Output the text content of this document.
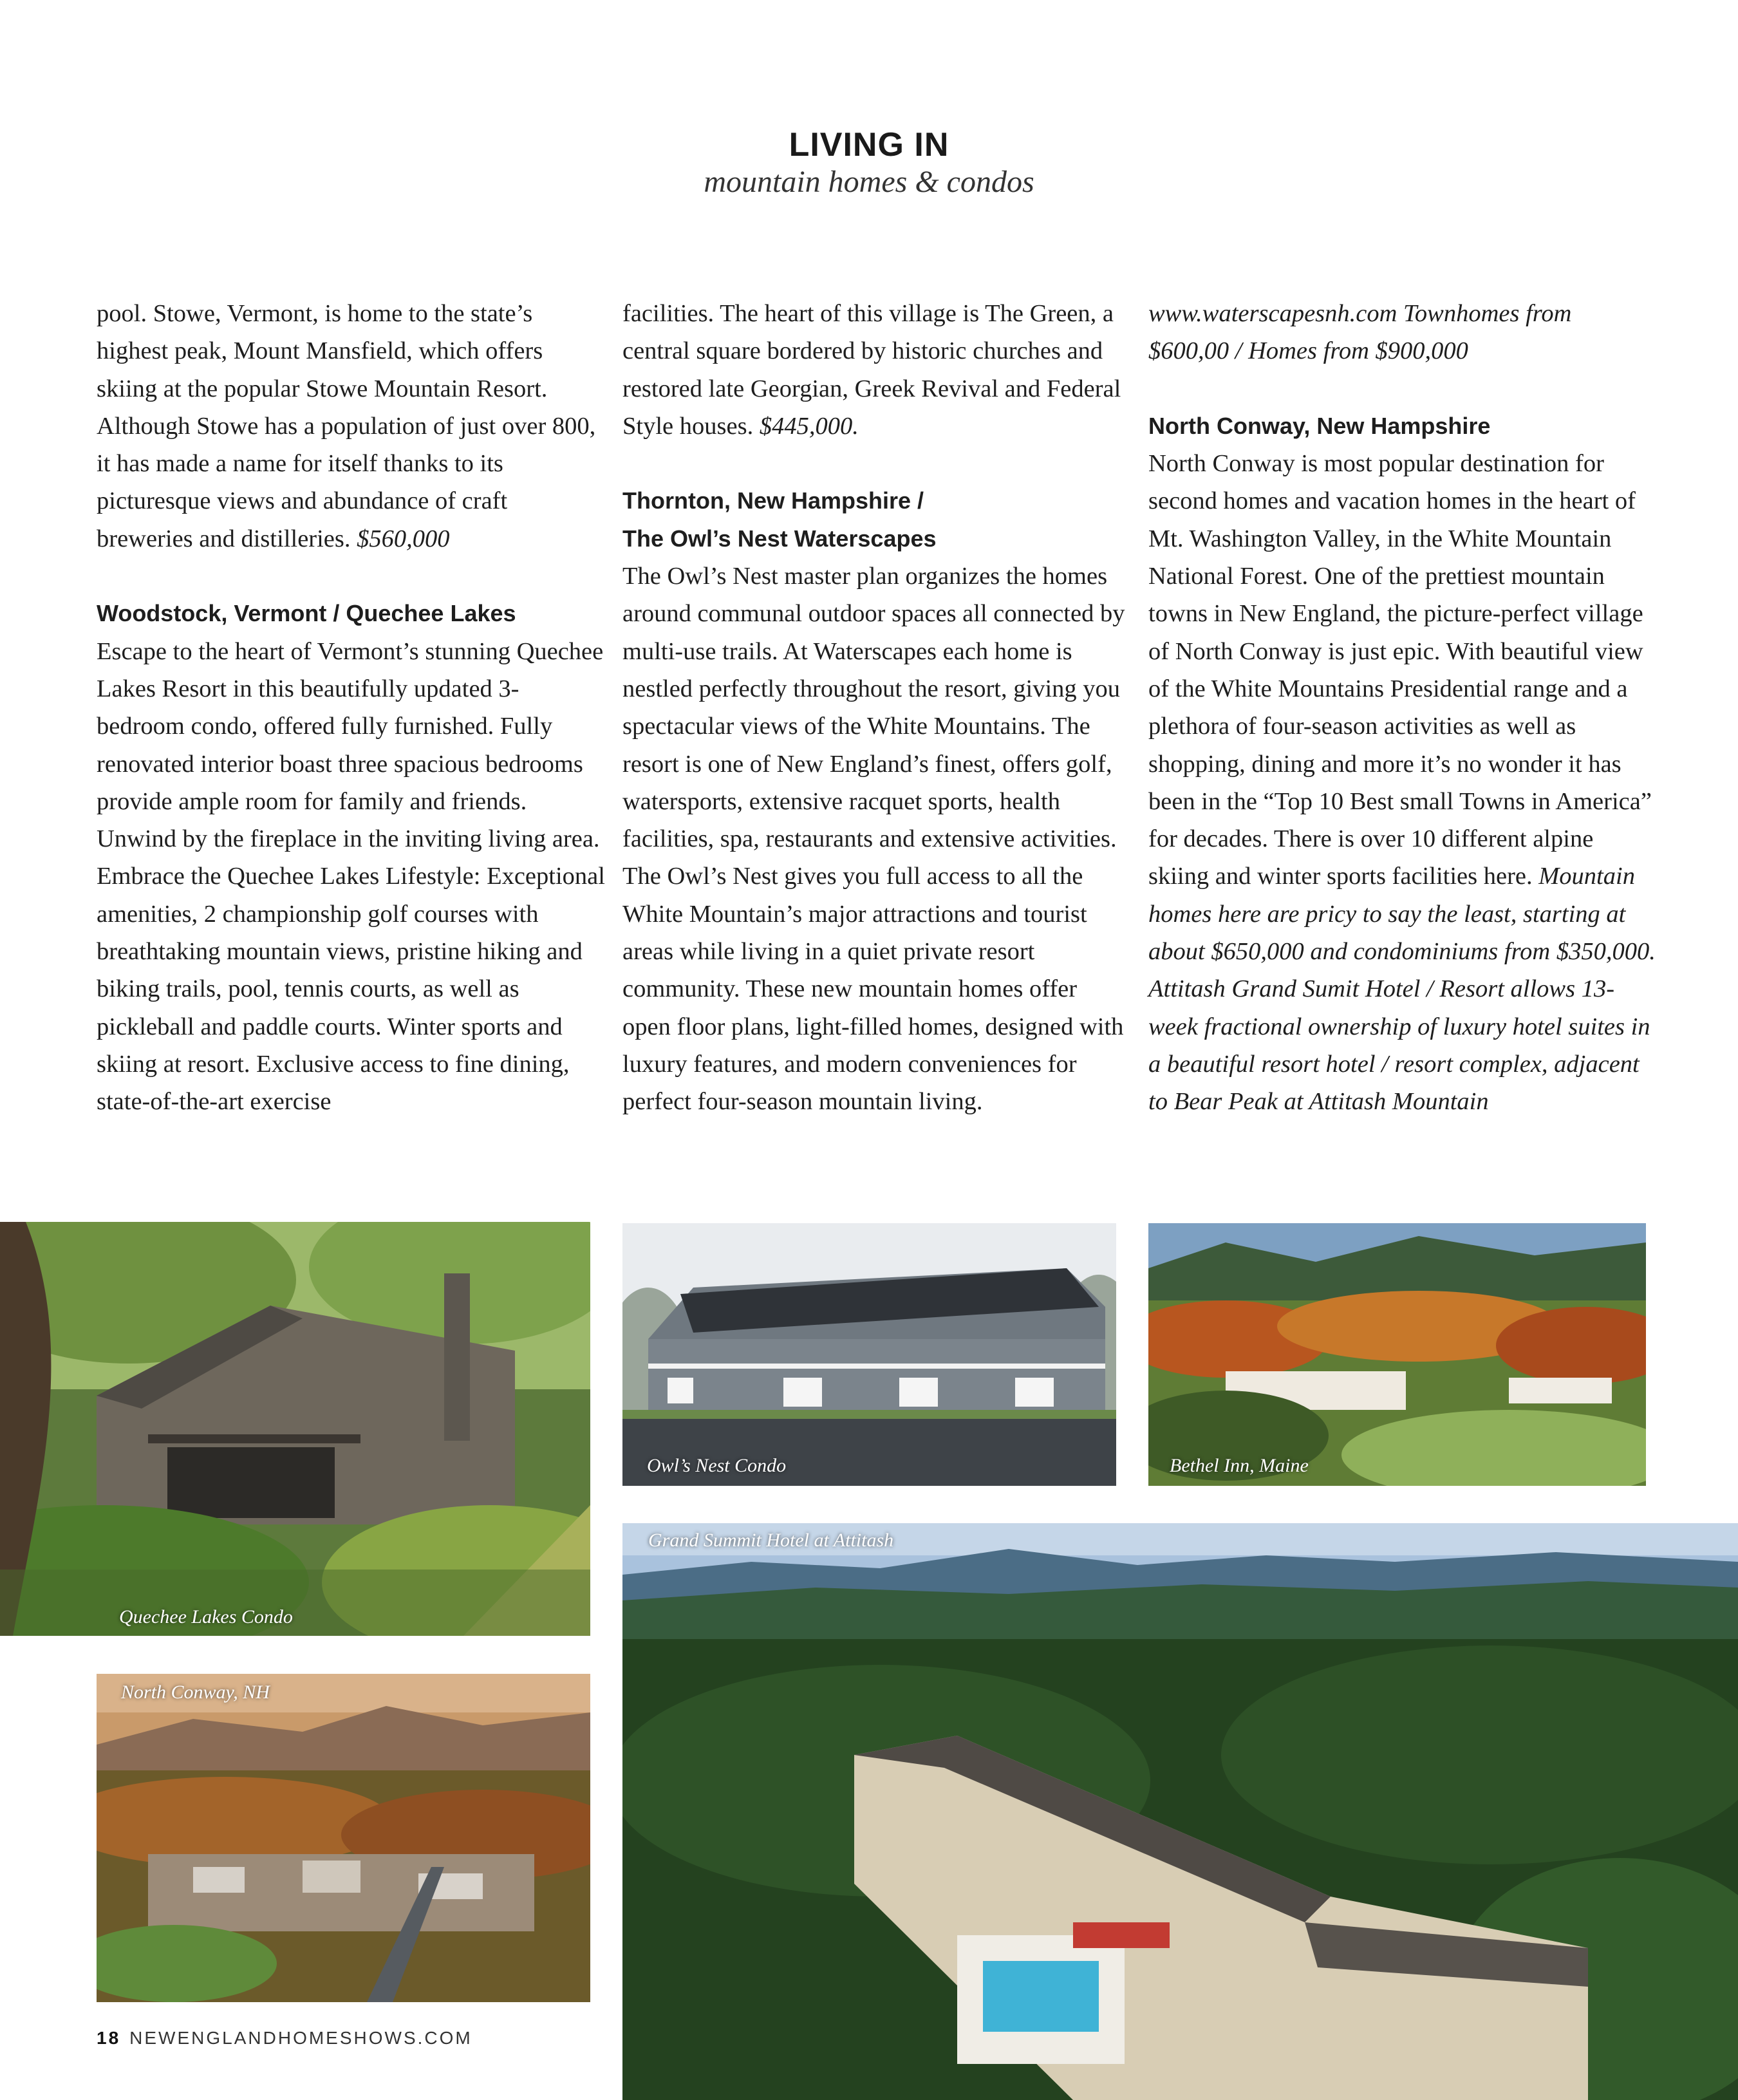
LIVING IN
mountain homes & condos

pool. Stowe, Vermont, is home to the state’s highest peak, Mount Mansfield, which offers skiing at the popular Stowe Mountain Resort. Although Stowe has a population of just over 800, it has made a name for itself thanks to its picturesque views and abundance of craft breweries and distilleries. $560,000

Woodstock, Vermont / Quechee Lakes

Escape to the heart of Vermont’s stunning Quechee Lakes Resort in this beautifully updated 3-bedroom condo, offered fully furnished. Fully renovated interior boast three spacious bedrooms provide ample room for family and friends. Unwind by the fireplace in the inviting living area. Embrace the Quechee Lakes Lifestyle: Exceptional amenities, 2 championship golf courses with breathtaking mountain views, pristine hiking and biking trails, pool, tennis courts, as well as pickleball and paddle courts. Winter sports and skiing at resort. Exclusive access to fine dining, state-of-the-art exercise

facilities. The heart of this village is The Green, a central square bordered by historic churches and restored late Georgian, Greek Revival and Federal Style houses. $445,000.

Thornton, New Hampshire /

The Owl’s Nest Waterscapes

The Owl’s Nest master plan organizes the homes around communal outdoor spaces all connected by multi-use trails. At Waterscapes each home is nestled perfectly throughout the resort, giving you spectacular views of the White Mountains. The resort is one of New England’s finest, offers golf, watersports, extensive racquet sports, health facilities, spa, restaurants and extensive activities. The Owl’s Nest gives you full access to all the White Mountain’s major attractions and tourist areas while living in a quiet private resort community. These new mountain homes offer open floor plans, light-filled homes, designed with luxury features, and modern conveniences for perfect four-season mountain living.

www.waterscapesnh.com Townhomes from $600,00 / Homes from $900,000

North Conway, New Hampshire

North Conway is most popular destination for second homes and vacation homes in the heart of Mt. Washington Valley, in the White Mountain National Forest. One of the prettiest mountain towns in New England, the picture-perfect village of North Conway is just epic. With beautiful view of the White Mountains Presidential range and a plethora of four-season activities as well as shopping, dining and more it’s no wonder it has been in the “Top 10 Best small Towns in America” for decades. There is over 10 different alpine skiing and winter sports facilities here. Mountain homes here are pricy to say the least, starting at about $650,000 and condominiums from $350,000. Attitash Grand Sumit Hotel / Resort allows 13-week fractional ownership of luxury hotel suites in a beautiful resort hotel / resort complex, adjacent to Bear Peak at Attitash Mountain

Quechee Lakes Condo
Owl’s Nest Condo	Bethel Inn, Maine
Grand Summit Hotel at Attitash
North Conway, NH
18 NEWENGLANDHOMESHOWS.COM
